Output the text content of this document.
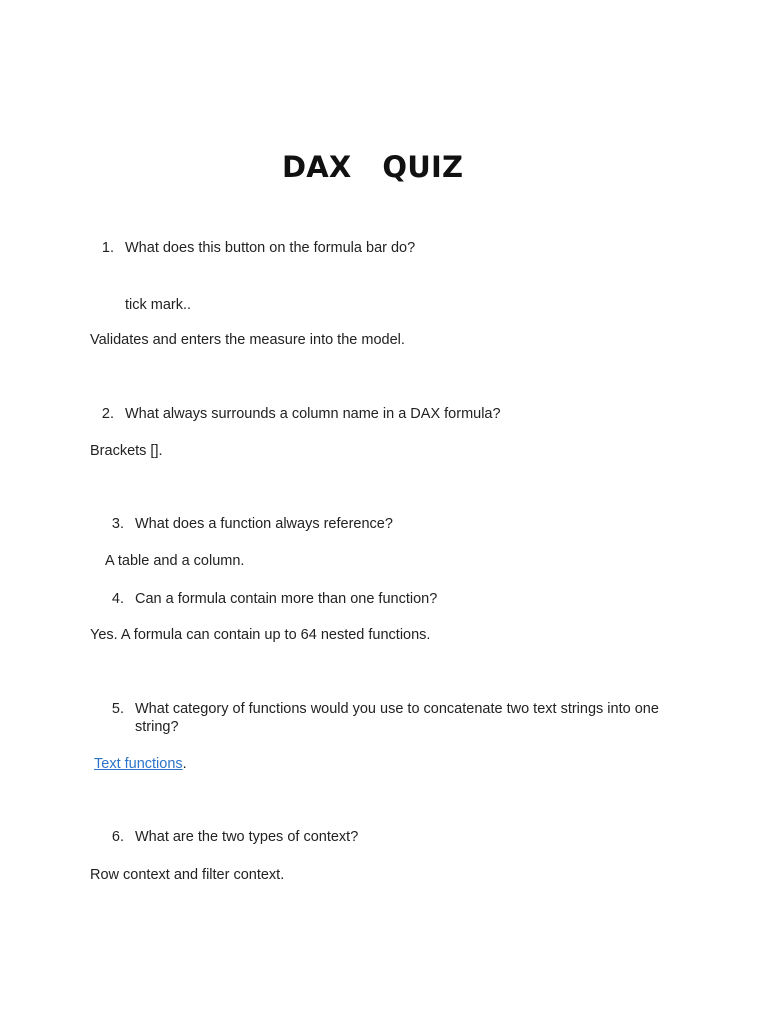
DAX   QUIZ
1. What does this button on the formula bar do?
tick mark..
Validates and enters the measure into the model.
2. What always surrounds a column name in a DAX formula?
Brackets [].
3. What does a function always reference?
A table and a column.
4. Can a formula contain more than one function?
Yes. A formula can contain up to 64 nested functions.
5. What category of functions would you use to concatenate two text strings into one string?
Text functions.
6. What are the two types of context?
Row context and filter context.
